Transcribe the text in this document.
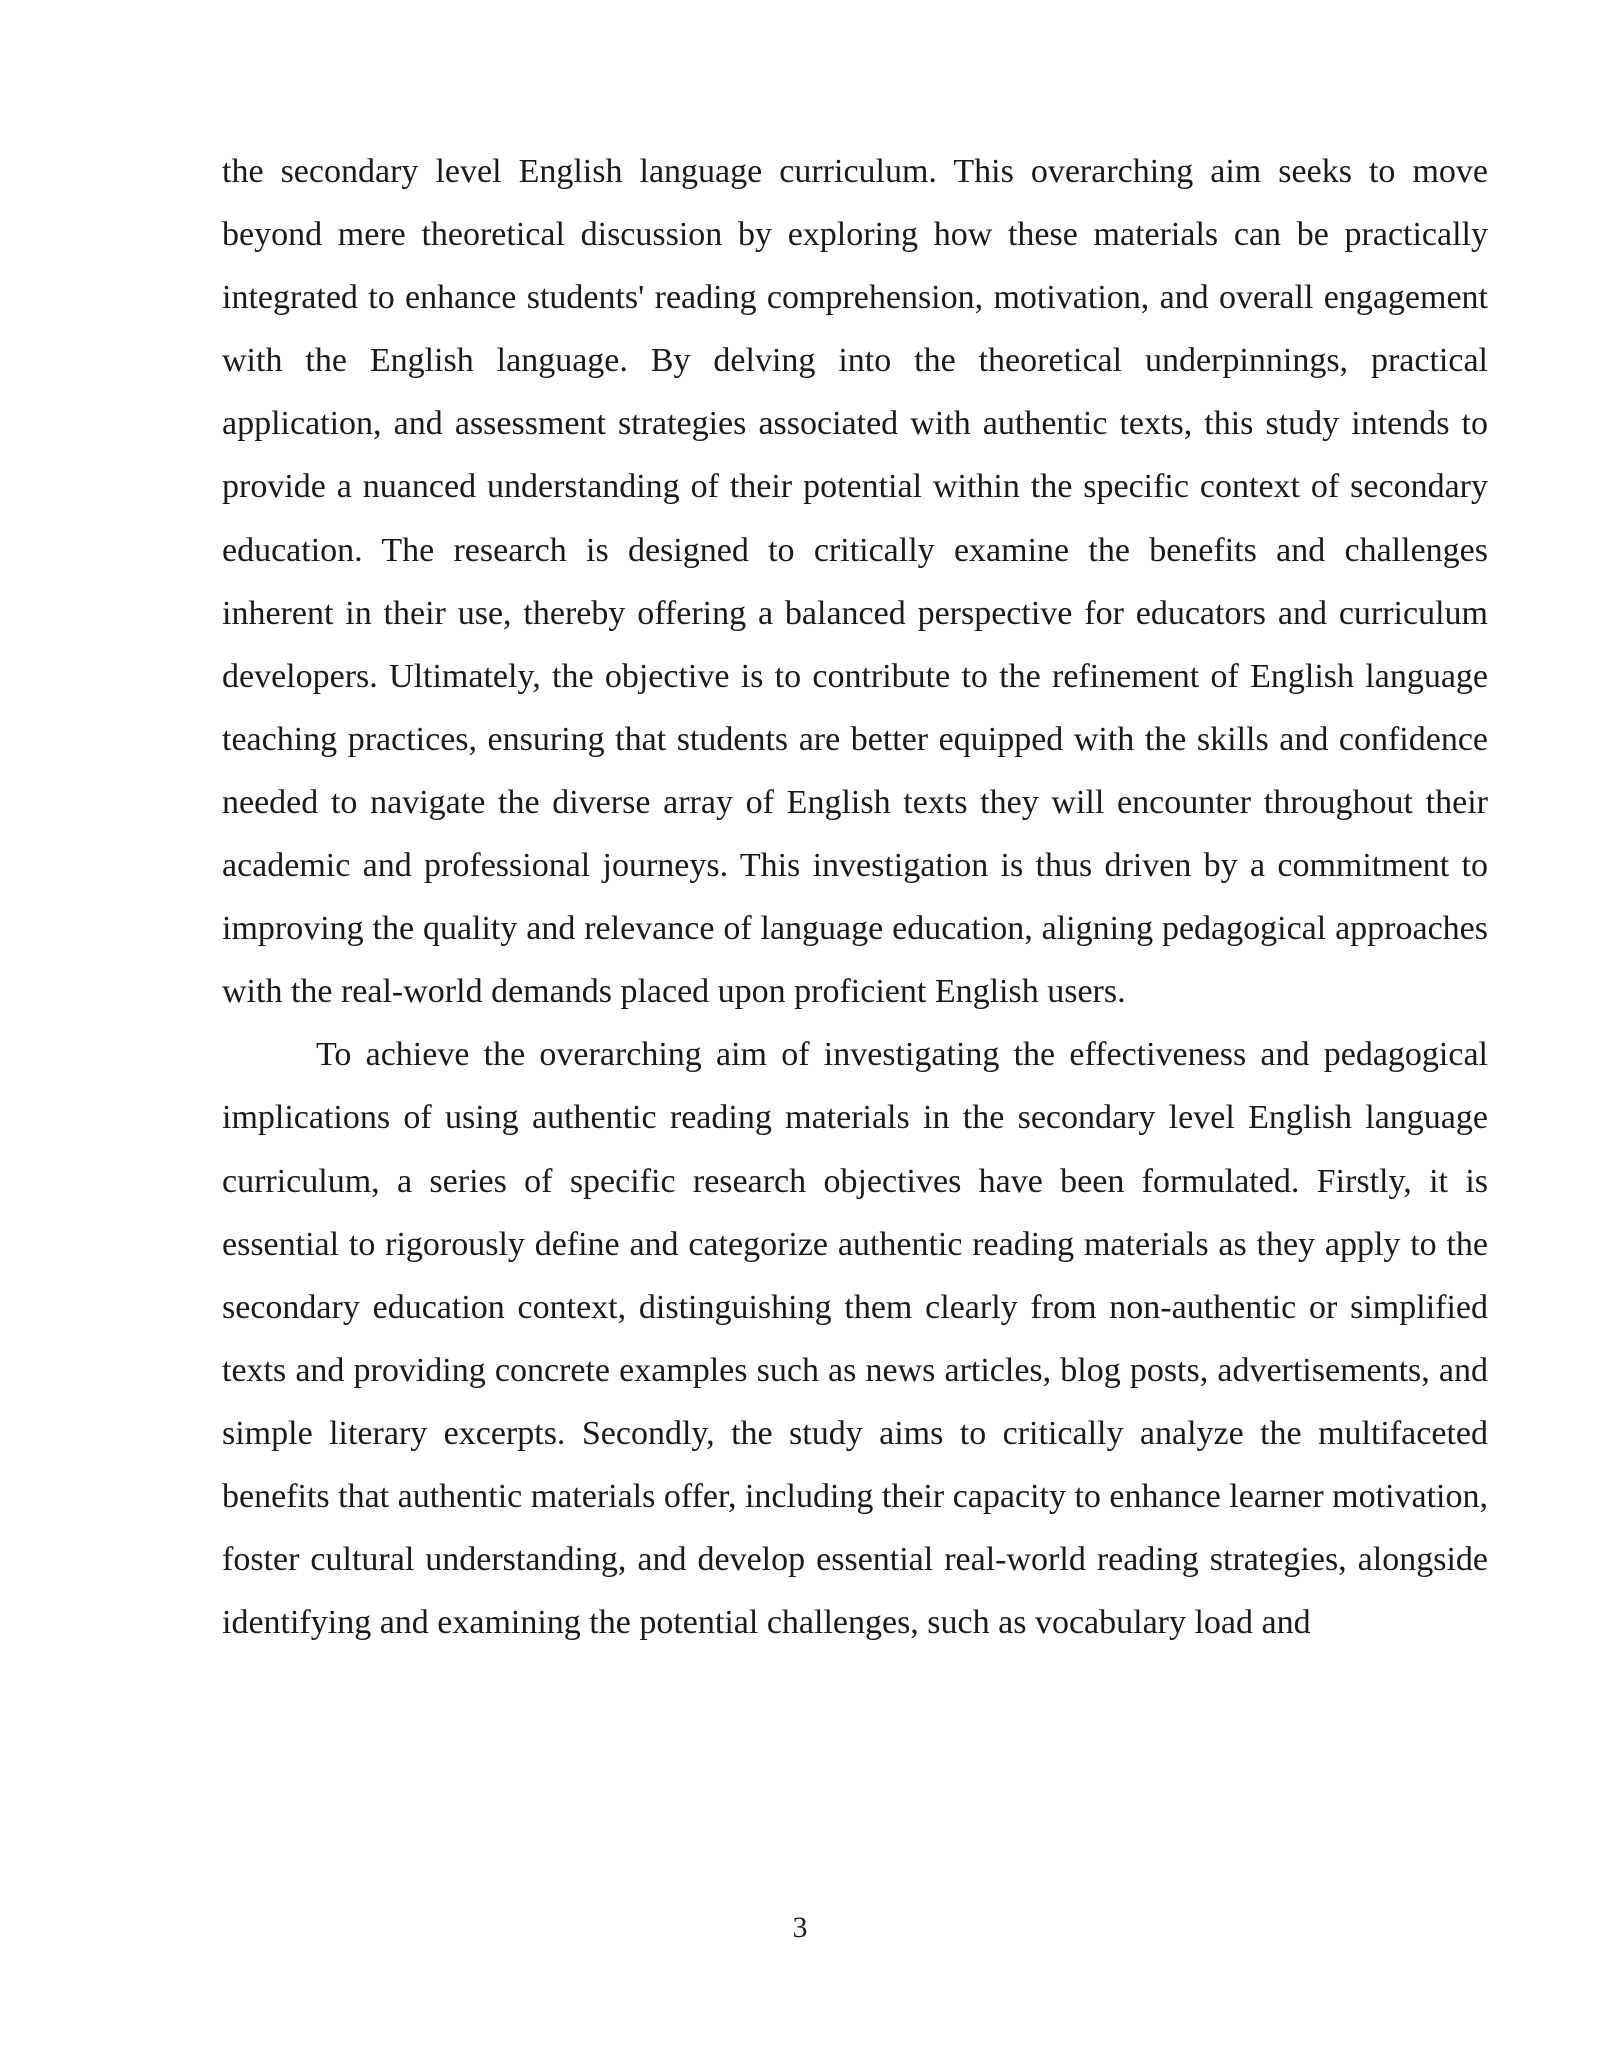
the secondary level English language curriculum. This overarching aim seeks to move beyond mere theoretical discussion by exploring how these materials can be practically integrated to enhance students' reading comprehension, motivation, and overall engagement with the English language. By delving into the theoretical underpinnings, practical application, and assessment strategies associated with authentic texts, this study intends to provide a nuanced understanding of their potential within the specific context of secondary education. The research is designed to critically examine the benefits and challenges inherent in their use, thereby offering a balanced perspective for educators and curriculum developers. Ultimately, the objective is to contribute to the refinement of English language teaching practices, ensuring that students are better equipped with the skills and confidence needed to navigate the diverse array of English texts they will encounter throughout their academic and professional journeys. This investigation is thus driven by a commitment to improving the quality and relevance of language education, aligning pedagogical approaches with the real-world demands placed upon proficient English users.

To achieve the overarching aim of investigating the effectiveness and pedagogical implications of using authentic reading materials in the secondary level English language curriculum, a series of specific research objectives have been formulated. Firstly, it is essential to rigorously define and categorize authentic reading materials as they apply to the secondary education context, distinguishing them clearly from non-authentic or simplified texts and providing concrete examples such as news articles, blog posts, advertisements, and simple literary excerpts. Secondly, the study aims to critically analyze the multifaceted benefits that authentic materials offer, including their capacity to enhance learner motivation, foster cultural understanding, and develop essential real-world reading strategies, alongside identifying and examining the potential challenges, such as vocabulary load and

3
